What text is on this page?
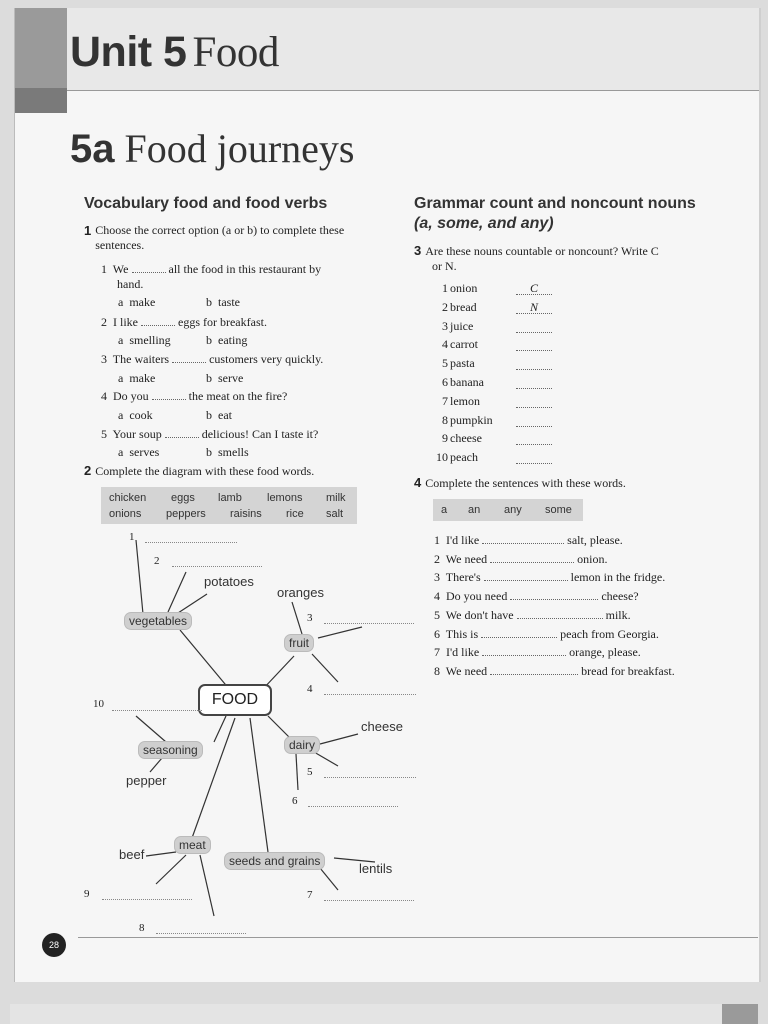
Unit 5 Food
5a Food journeys
Vocabulary food and food verbs
1 Choose the correct option (a or b) to complete these sentences.
1 We	all the food in this restaurant by
hand.
a  make	b  taste
2 I like	eggs for breakfast.
a  smelling	b  eating
3 The waiters	customers very quickly.
a  make	b  serve
4 Do you	the meat on the fire?
a  cook	b  eat
5 Your soup	delicious! Can I taste it?
a  serves	b  smells
2 Complete the diagram with these food words.
chicken eggs lamb lemons milk
onions peppers raisins rice salt
FOOD
vegetables
fruit
seasoning	dairy
meat
seeds and grains
potatoes
oranges
cheese
pepper
beef
lentils
1
2
3
4
5
6
7
8
9
10
Grammar count and noncount nouns
(a, some, and any)
3 Are these nouns countable or noncount? Write C
or N.
1 onion	C
2 bread	N
3 juice
4 carrot
5 pasta
6 banana
7 lemon
8 pumpkin
9 cheese
10 peach
4 Complete the sentences with these words.
a an any some
1 I'd like	salt, please.
2 We need	onion.
3 There's	lemon in the fridge.
4 Do you need	cheese?
5 We don't have	milk.
6 This is	peach from Georgia.
7 I'd like	orange, please.
8 We need	bread for breakfast.
28
